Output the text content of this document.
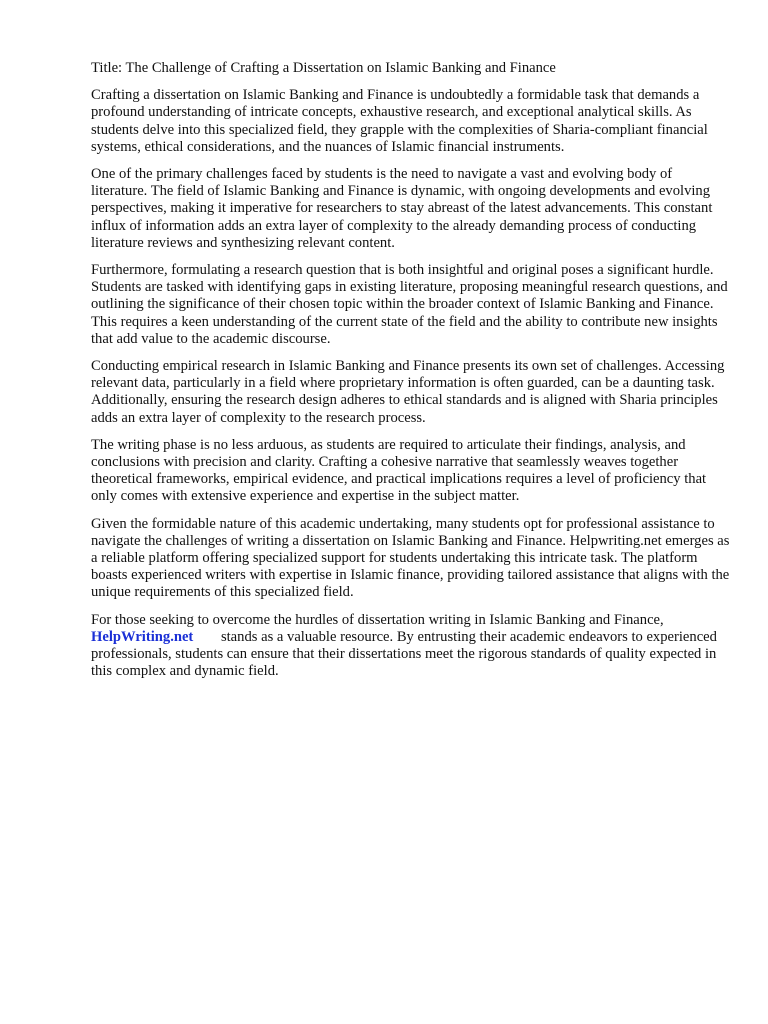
Title: The Challenge of Crafting a Dissertation on Islamic Banking and Finance

Crafting a dissertation on Islamic Banking and Finance is undoubtedly a formidable task that demands a profound understanding of intricate concepts, exhaustive research, and exceptional analytical skills. As students delve into this specialized field, they grapple with the complexities of Sharia-compliant financial systems, ethical considerations, and the nuances of Islamic financial instruments.

One of the primary challenges faced by students is the need to navigate a vast and evolving body of literature. The field of Islamic Banking and Finance is dynamic, with ongoing developments and evolving perspectives, making it imperative for researchers to stay abreast of the latest advancements. This constant influx of information adds an extra layer of complexity to the already demanding process of conducting literature reviews and synthesizing relevant content.

Furthermore, formulating a research question that is both insightful and original poses a significant hurdle. Students are tasked with identifying gaps in existing literature, proposing meaningful research questions, and outlining the significance of their chosen topic within the broader context of Islamic Banking and Finance. This requires a keen understanding of the current state of the field and the ability to contribute new insights that add value to the academic discourse.

Conducting empirical research in Islamic Banking and Finance presents its own set of challenges. Accessing relevant data, particularly in a field where proprietary information is often guarded, can be a daunting task. Additionally, ensuring the research design adheres to ethical standards and is aligned with Sharia principles adds an extra layer of complexity to the research process.

The writing phase is no less arduous, as students are required to articulate their findings, analysis, and conclusions with precision and clarity. Crafting a cohesive narrative that seamlessly weaves together theoretical frameworks, empirical evidence, and practical implications requires a level of proficiency that only comes with extensive experience and expertise in the subject matter.

Given the formidable nature of this academic undertaking, many students opt for professional assistance to navigate the challenges of writing a dissertation on Islamic Banking and Finance. Helpwriting.net emerges as a reliable platform offering specialized support for students undertaking this intricate task. The platform boasts experienced writers with expertise in Islamic finance, providing tailored assistance that aligns with the unique requirements of this specialized field.

For those seeking to overcome the hurdles of dissertation writing in Islamic Banking and Finance,
HelpWriting.net stands as a valuable resource. By entrusting their academic endeavors to experienced professionals, students can ensure that their dissertations meet the rigorous standards of quality expected in this complex and dynamic field.
